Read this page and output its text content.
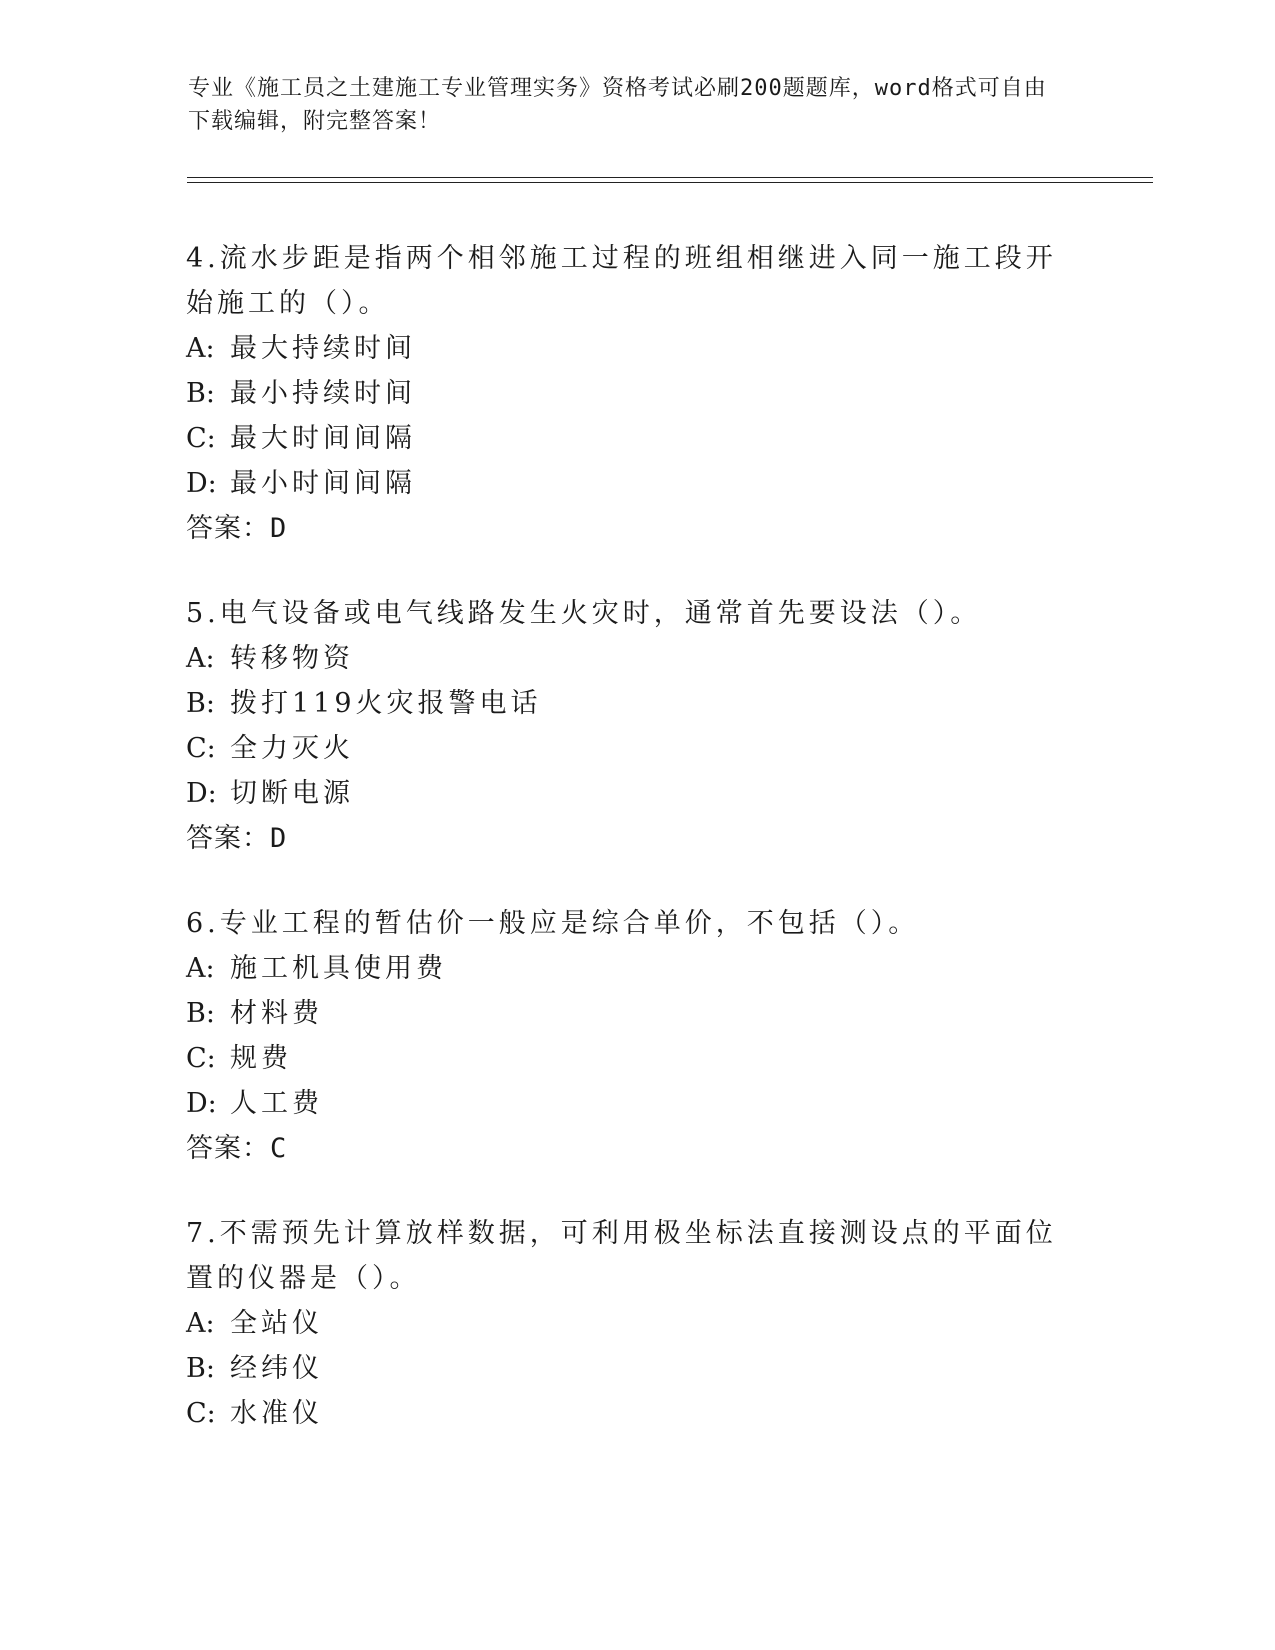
专业《施工员之土建施工专业管理实务》资格考试必刷200题题库，word格式可自由下载编辑，附完整答案！
4.流水步距是指两个相邻施工过程的班组相继进入同一施工段开始施工的（）。
A: 最大持续时间
B: 最小持续时间
C: 最大时间间隔
D: 最小时间间隔
答案：D
5.电气设备或电气线路发生火灾时，通常首先要设法（）。
A: 转移物资
B: 拨打119火灾报警电话
C: 全力灭火
D: 切断电源
答案：D
6.专业工程的暂估价一般应是综合单价，不包括（）。
A: 施工机具使用费
B: 材料费
C: 规费
D: 人工费
答案：C
7.不需预先计算放样数据，可利用极坐标法直接测设点的平面位置的仪器是（）。
A: 全站仪
B: 经纬仪
C: 水准仪
